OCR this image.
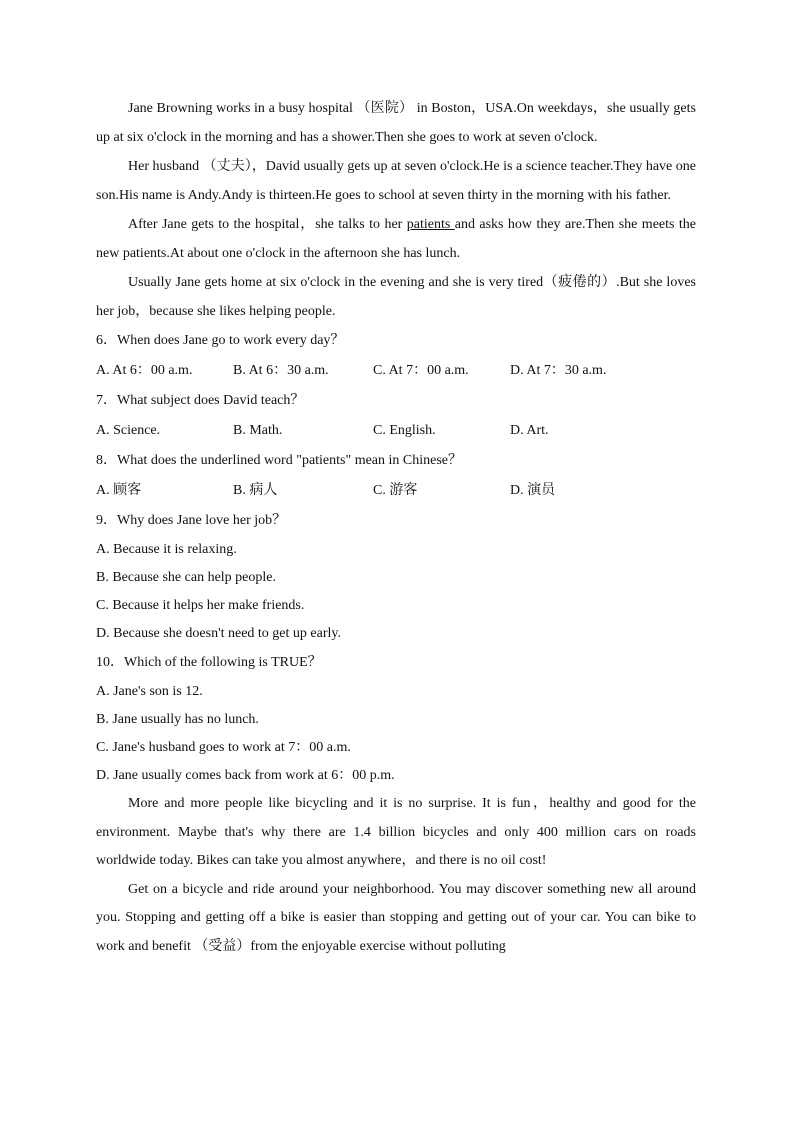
Jane Browning works in a busy hospital （医院） in Boston，USA.On weekdays，she usually gets up at six o'clock in the morning and has a shower.Then she goes to work at seven o'clock.

Her husband （丈夫），David usually gets up at seven o'clock.He is a science teacher.They have one son.His name is Andy.Andy is thirteen.He goes to school at seven thirty in the morning with his father.

After Jane gets to the hospital，she talks to her patients and asks how they are.Then she meets the new patients.At about one o'clock in the afternoon she has lunch.

Usually Jane gets home at six o'clock in the evening and she is very tired（疲倦的）.But she loves her job，because she likes helping people.

6．When does Jane go to work every day？

A. At 6：00 a.m.	B. At 6：30 a.m.	C. At 7：00 a.m.	D. At 7：30 a.m.

7．What subject does David teach？

A. Science.	B. Math.	C. English.	D. Art.

8．What does the underlined word "patients" mean in Chinese？

A. 顾客	B. 病人	C. 游客	D. 演员

9．Why does Jane love her job？

A. Because it is relaxing.

B. Because she can help people.

C. Because it helps her make friends.

D. Because she doesn't need to get up early.

10．Which of the following is TRUE？

A. Jane's son is 12.

B. Jane usually has no lunch.

C. Jane's husband goes to work at 7：00 a.m.

D. Jane usually comes back from work at 6：00 p.m.

More and more people like bicycling and it is no surprise. It is fun，healthy and good for the environment. Maybe that's why there are 1.4 billion bicycles and only 400 million cars on roads worldwide today. Bikes can take you almost anywhere，and there is no oil cost!

Get on a bicycle and ride around your neighborhood. You may discover something new all around you. Stopping and getting off a bike is easier than stopping and getting out of your car. You can bike to work and benefit （受益）from the enjoyable exercise without polluting
